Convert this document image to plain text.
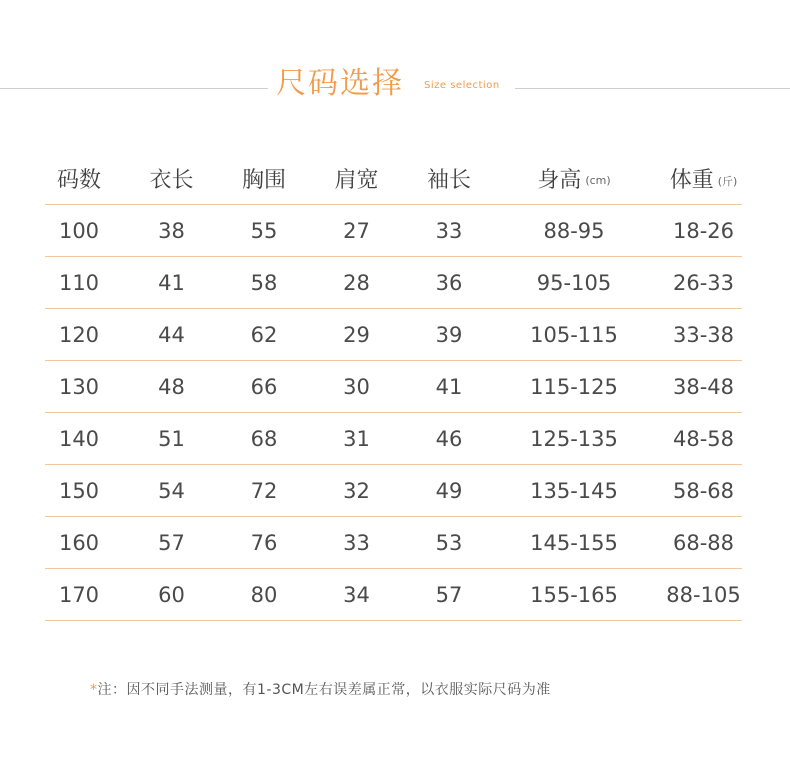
尺码选择 Size selection
码数	衣长	胸围	肩宽	袖长	身高 (cm)	体重 (斤)
100	38	55	27	33	88-95	18-26
110	41	58	28	36	95-105	26-33
120	44	62	29	39	105-115	33-38
130	48	66	30	41	115-125	38-48
140	51	68	31	46	125-135	48-58
150	54	72	32	49	135-145	58-68
160	57	76	33	53	145-155	68-88
170	60	80	34	57	155-165	88-105
*注：因不同手法测量，有1-3CM左右误差属正常，以衣服实际尺码为准
